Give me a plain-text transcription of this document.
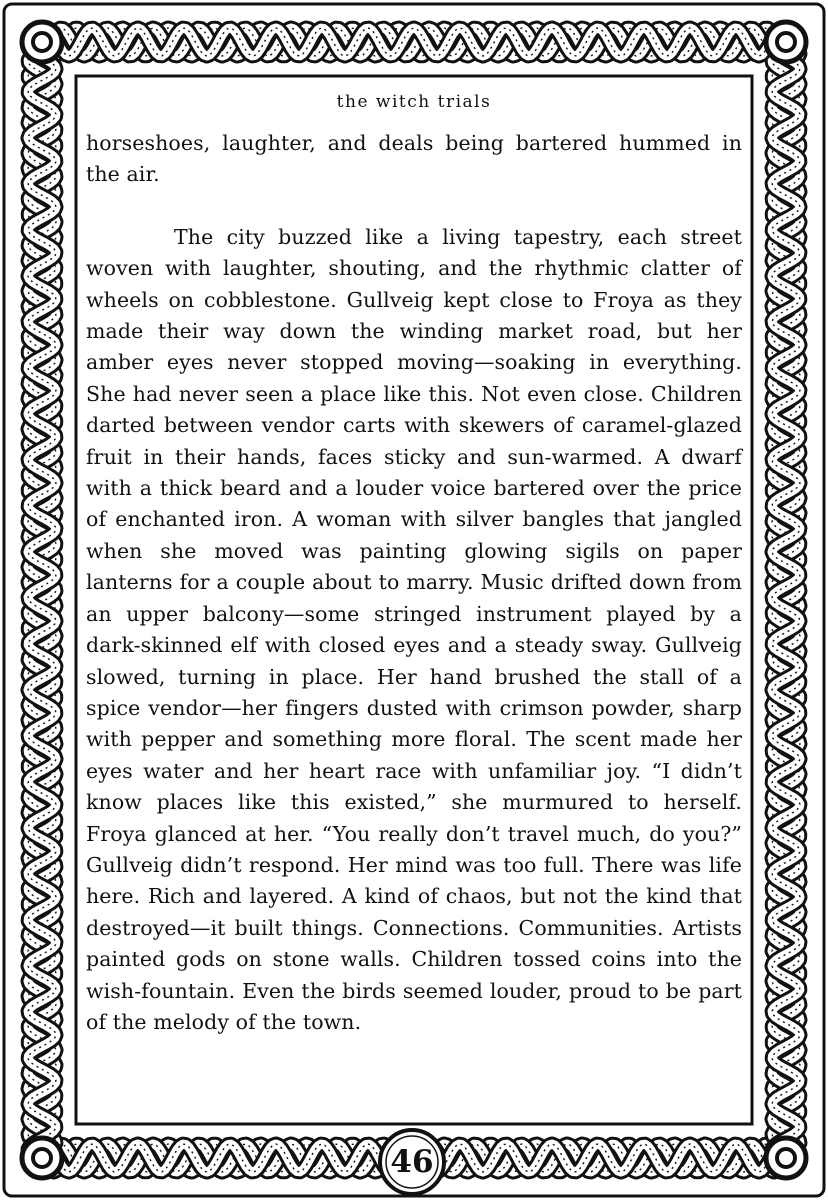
the witch trials

horseshoes, laughter, and deals being bartered hummed in the air.

The city buzzed like a living tapestry, each street woven with laughter, shouting, and the rhythmic clatter of wheels on cobblestone. Gullveig kept close to Froya as they made their way down the winding market road, but her amber eyes never stopped moving—soaking in everything. She had never seen a place like this. Not even close. Children darted between vendor carts with skewers of caramel-glazed fruit in their hands, faces sticky and sun-warmed. A dwarf with a thick beard and a louder voice bartered over the price of enchanted iron. A woman with silver bangles that jangled when she moved was painting glowing sigils on paper lanterns for a couple about to marry. Music drifted down from an upper balcony—some stringed instrument played by a dark-skinned elf with closed eyes and a steady sway. Gullveig slowed, turning in place. Her hand brushed the stall of a spice vendor—her fingers dusted with crimson powder, sharp with pepper and something more floral. The scent made her eyes water and her heart race with unfamiliar joy. “I didn’t know places like this existed,” she murmured to herself. Froya glanced at her. “You really don’t travel much, do you?” Gullveig didn’t respond. Her mind was too full. There was life here. Rich and layered. A kind of chaos, but not the kind that destroyed—it built things. Connections. Communities. Artists painted gods on stone walls. Children tossed coins into the wish-fountain. Even the birds seemed louder, proud to be part of the melody of the town.

46
